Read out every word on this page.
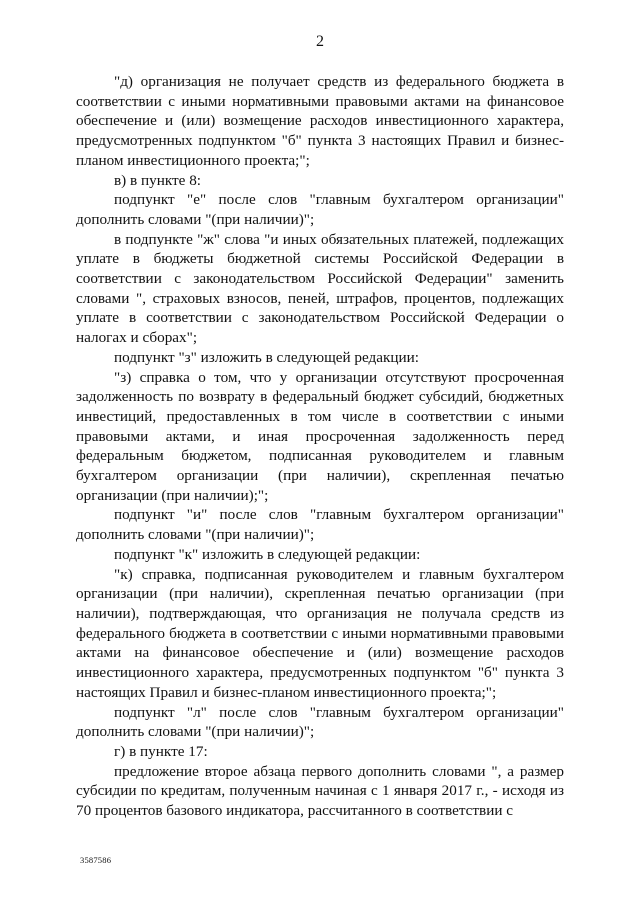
2

"д) организация не получает средств из федерального бюджета в соответствии с иными нормативными правовыми актами на финансовое обеспечение и (или) возмещение расходов инвестиционного характера, предусмотренных подпунктом "б" пункта 3 настоящих Правил и бизнес-планом инвестиционного проекта;";

в) в пункте 8:

подпункт "е" после слов "главным бухгалтером организации" дополнить словами "(при наличии)";

в подпункте "ж" слова "и иных обязательных платежей, подлежащих уплате в бюджеты бюджетной системы Российской Федерации в соответствии с законодательством Российской Федерации" заменить словами ", страховых взносов, пеней, штрафов, процентов, подлежащих уплате в соответствии с законодательством Российской Федерации о налогах и сборах";

подпункт "з" изложить в следующей редакции:

"з) справка о том, что у организации отсутствуют просроченная задолженность по возврату в федеральный бюджет субсидий, бюджетных инвестиций, предоставленных в том числе в соответствии с иными правовыми актами, и иная просроченная задолженность перед федеральным бюджетом, подписанная руководителем и главным бухгалтером организации (при наличии), скрепленная печатью организации (при наличии);";

подпункт "и" после слов "главным бухгалтером организации" дополнить словами "(при наличии)";

подпункт "к" изложить в следующей редакции:

"к) справка, подписанная руководителем и главным бухгалтером организации (при наличии), скрепленная печатью организации (при наличии), подтверждающая, что организация не получала средств из федерального бюджета в соответствии с иными нормативными правовыми актами на финансовое обеспечение и (или) возмещение расходов инвестиционного характера, предусмотренных подпунктом "б" пункта 3 настоящих Правил и бизнес-планом инвестиционного проекта;";

подпункт "л" после слов "главным бухгалтером организации" дополнить словами "(при наличии)";

г) в пункте 17:

предложение второе абзаца первого дополнить словами ", а размер субсидии по кредитам, полученным начиная с 1 января 2017 г., - исходя из 70 процентов базового индикатора, рассчитанного в соответствии с

3587586
